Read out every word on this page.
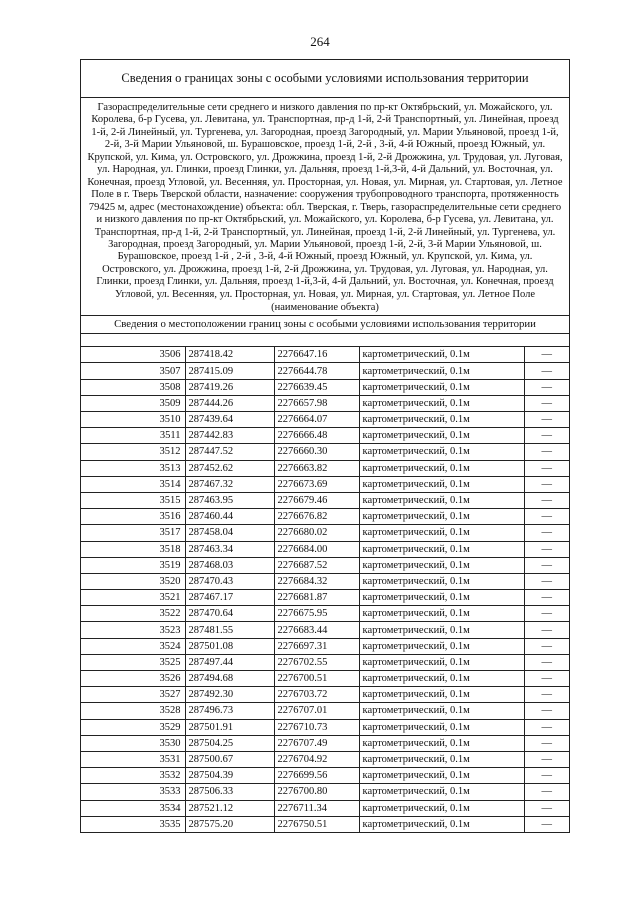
264
Сведения о границах зоны с особыми условиями использования территории
Газораспределительные сети среднего и низкого давления по пр-кт Октябрьский, ул. Можайского, ул. Королева, б-р Гусева, ул. Левитана, ул. Транспортная, пр-д 1-й, 2-й Транспортный, ул. Линейная, проезд 1-й, 2-й Линейный, ул. Тургенева, ул. Загородная, проезд Загородный, ул. Марии Ульяновой, проезд 1-й, 2-й, 3-й Марии Ульяновой, ш. Бурашовское, проезд 1-й, 2-й , 3-й, 4-й Южный, проезд Южный, ул. Крупской, ул. Кима, ул. Островского, ул. Дрожжина, проезд 1-й, 2-й Дрожжина, ул. Трудовая, ул. Луговая, ул. Народная, ул. Глинки, проезд Глинки, ул. Дальняя, проезд 1-й,3-й, 4-й Дальний, ул. Восточная, ул. Конечная, проезд Угловой, ул. Весенняя, ул. Просторная, ул. Новая, ул. Мирная, ул. Стартовая, ул. Летное Поле в г. Тверь Тверской области, назначение: сооружения трубопроводного транспорта, протяженность 79425 м, адрес (местонахождение) объекта: обл. Тверская, г. Тверь, газораспределительные сети среднего и низкого давления по пр-кт Октябрьский, ул. Можайского, ул. Королева, б-р Гусева, ул. Левитана, ул. Транспортная, пр-д 1-й, 2-й Транспортный, ул. Линейная, проезд 1-й, 2-й Линейный, ул. Тургенева, ул. Загородная, проезд Загородный, ул. Марии Ульяновой, проезд 1-й, 2-й, 3-й Марии Ульяновой, ш. Бурашовское, проезд 1-й , 2-й , 3-й, 4-й Южный, проезд Южный, ул. Крупской, ул. Кима, ул. Островского, ул. Дрожжина, проезд 1-й, 2-й Дрожжина, ул. Трудовая, ул. Луговая, ул. Народная, ул. Глинки, проезд Глинки, ул. Дальняя, проезд 1-й,3-й, 4-й Дальний, ул. Восточная, ул. Конечная, проезд Угловой, ул. Весенняя, ул. Просторная, ул. Новая, ул. Мирная, ул. Стартовая, ул. Летное Поле
(наименование объекта)
Сведения о местоположении границ зоны с особыми условиями использования территории
3506	287418.42	2276647.16	картометрический, 0.1м	—
3507	287415.09	2276644.78	картометрический, 0.1м	—
3508	287419.26	2276639.45	картометрический, 0.1м	—
3509	287444.26	2276657.98	картометрический, 0.1м	—
3510	287439.64	2276664.07	картометрический, 0.1м	—
3511	287442.83	2276666.48	картометрический, 0.1м	—
3512	287447.52	2276660.30	картометрический, 0.1м	—
3513	287452.62	2276663.82	картометрический, 0.1м	—
3514	287467.32	2276673.69	картометрический, 0.1м	—
3515	287463.95	2276679.46	картометрический, 0.1м	—
3516	287460.44	2276676.82	картометрический, 0.1м	—
3517	287458.04	2276680.02	картометрический, 0.1м	—
3518	287463.34	2276684.00	картометрический, 0.1м	—
3519	287468.03	2276687.52	картометрический, 0.1м	—
3520	287470.43	2276684.32	картометрический, 0.1м	—
3521	287467.17	2276681.87	картометрический, 0.1м	—
3522	287470.64	2276675.95	картометрический, 0.1м	—
3523	287481.55	2276683.44	картометрический, 0.1м	—
3524	287501.08	2276697.31	картометрический, 0.1м	—
3525	287497.44	2276702.55	картометрический, 0.1м	—
3526	287494.68	2276700.51	картометрический, 0.1м	—
3527	287492.30	2276703.72	картометрический, 0.1м	—
3528	287496.73	2276707.01	картометрический, 0.1м	—
3529	287501.91	2276710.73	картометрический, 0.1м	—
3530	287504.25	2276707.49	картометрический, 0.1м	—
3531	287500.67	2276704.92	картометрический, 0.1м	—
3532	287504.39	2276699.56	картометрический, 0.1м	—
3533	287506.33	2276700.80	картометрический, 0.1м	—
3534	287521.12	2276711.34	картометрический, 0.1м	—
3535	287575.20	2276750.51	картометрический, 0.1м	—
